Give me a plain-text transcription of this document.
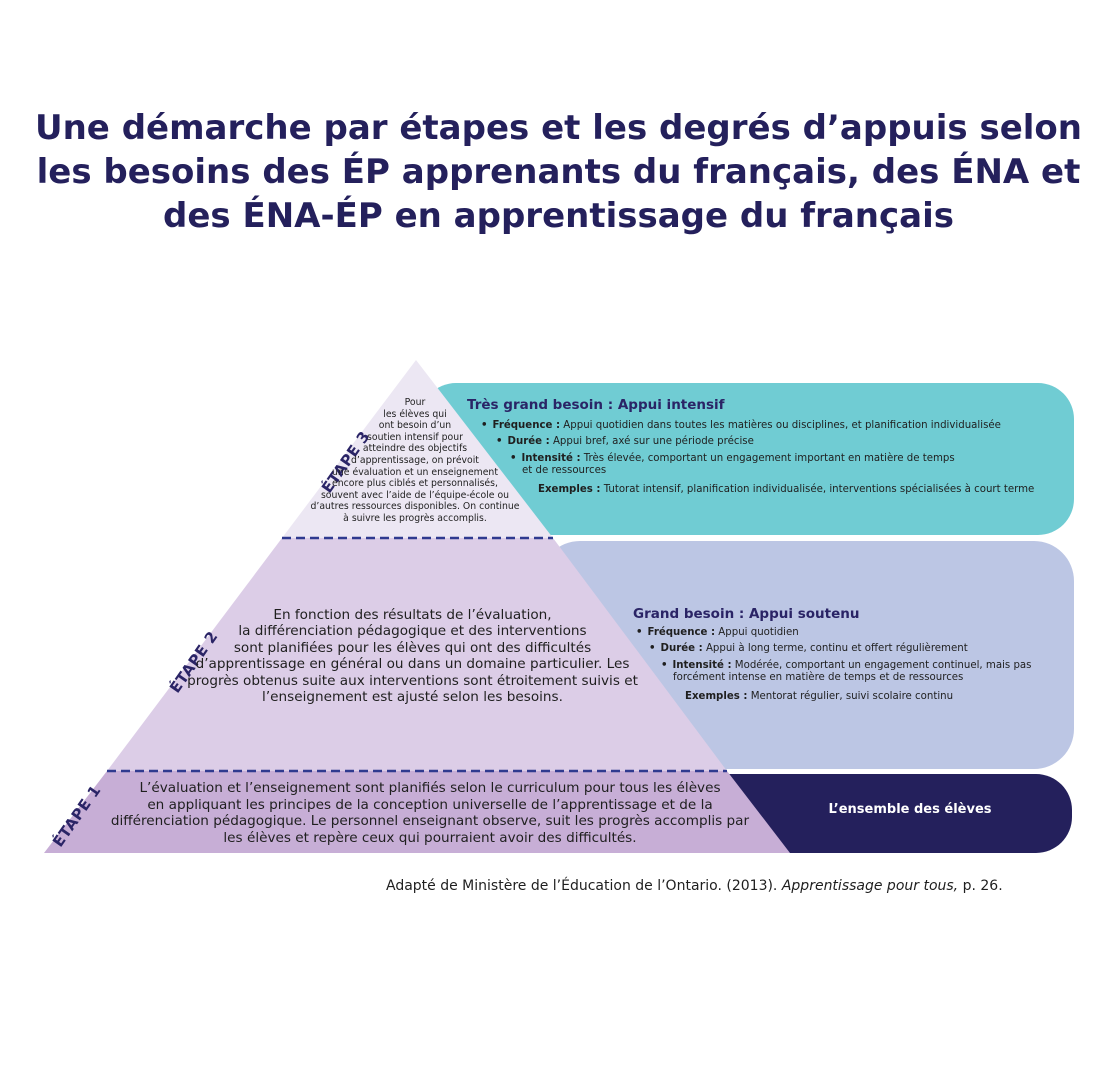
Une démarche par étapes et les degrés d’appuis selon
les besoins des ÉP apprenants du français, des ÉNA et
des ÉNA-ÉP en apprentissage du français
ÉTAPE 3
ÉTAPE 2
ÉTAPE 1
Pour
les élèves qui
ont besoin d’un
soutien intensif pour
atteindre des objectifs
d’apprentissage, on prévoit
une évaluation et un enseignement
encore plus ciblés et personnalisés,
souvent avec l’aide de l’équipe-école ou
d’autres ressources disponibles. On continue
à suivre les progrès accomplis.
En fonction des résultats de l’évaluation,
la différenciation pédagogique et des interventions
sont planifiées pour les élèves qui ont des difficultés
d’apprentissage en général ou dans un domaine particulier. Les
progrès obtenus suite aux interventions sont étroitement suivis et
l’enseignement est ajusté selon les besoins.
L’évaluation et l’enseignement sont planifiés selon le curriculum pour tous les élèves
en appliquant les principes de la conception universelle de l’apprentissage et de la
différenciation pédagogique. Le personnel enseignant observe, suit les progrès accomplis par
les élèves et repère ceux qui pourraient avoir des difficultés.
Très grand besoin : Appui intensif
• Fréquence : Appui quotidien dans toutes les matières ou disciplines, et planification individualisée
• Durée : Appui bref, axé sur une période précise
• Intensité : Très élevée, comportant un engagement important en matière de temps
et de ressources
Exemples : Tutorat intensif, planification individualisée, interventions spécialisées à court terme
Grand besoin : Appui soutenu
• Fréquence : Appui quotidien
• Durée : Appui à long terme, continu et offert régulièrement
• Intensité : Modérée, comportant un engagement continuel, mais pas
forcément intense en matière de temps et de ressources
Exemples : Mentorat régulier, suivi scolaire continu
L’ensemble des élèves
Adapté de Ministère de l’Éducation de l’Ontario. (2013). Apprentissage pour tous, p. 26.
